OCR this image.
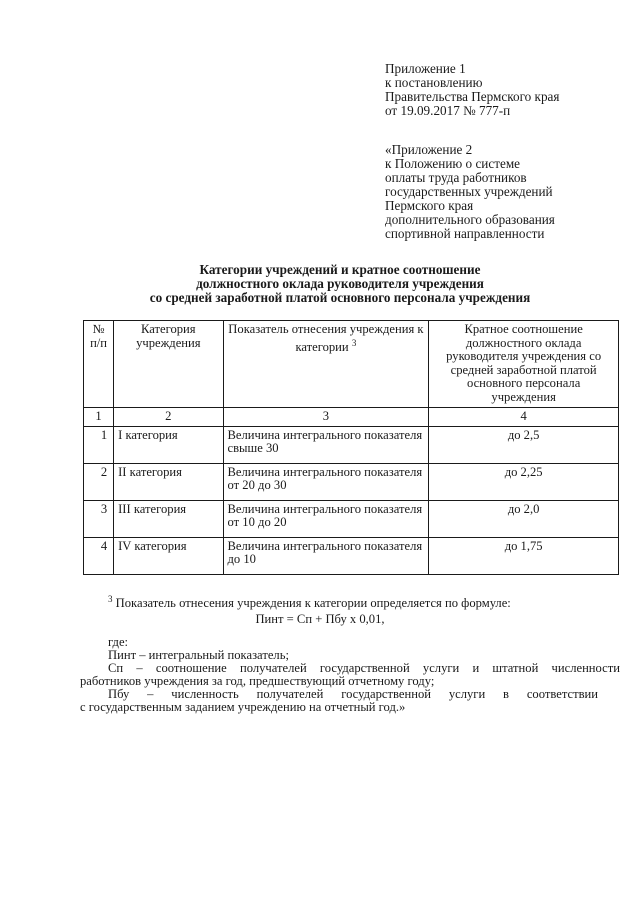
Приложение 1
к постановлению
Правительства Пермского края
от 19.09.2017 № 777-п
«Приложение 2
к Положению о системе
оплаты труда работников
государственных учреждений
Пермского края
дополнительного образования
спортивной направленности
Категории учреждений и кратное соотношение
должностного оклада руководителя учреждения
со средней заработной платой основного персонала учреждения
№ п/п	Категория учреждения	Показатель отнесения учреждения к категории $^3$	Кратное соотношение должностного оклада руководителя учреждения со средней заработной платой основного персонала учреждения
1	2	3	4
1	I категория	Величина интегрального показателя свыше 30	до 2,5
2	II категория	Величина интегрального показателя от 20 до 30	до 2,25
3	III категория	Величина интегрального показателя от 10 до 20	до 2,0
4	IV категория	Величина интегрального показателя до 10	до 1,75
$^3$ Показатель отнесения учреждения к категории определяется по формуле:
Пинт = Сп + Пбу х 0,01,
где:
Пинт – интегральный показатель;
Сп – соотношение получателей государственной услуги и штатной численности
работников учреждения за год, предшествующий отчетному году;
Пбу – численность получателей государственной услуги в соответствии
с государственным заданием учреждению на отчетный год.»
